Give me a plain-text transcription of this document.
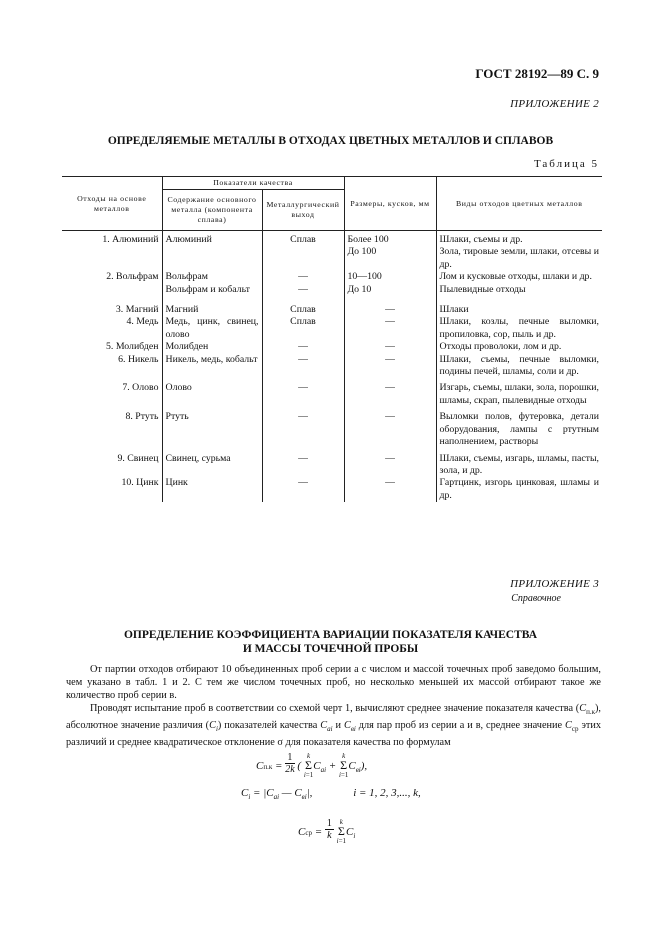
ГОСТ 28192—89 С. 9
ПРИЛОЖЕНИЕ 2
ОПРЕДЕЛЯЕМЫЕ МЕТАЛЛЫ В ОТХОДАХ ЦВЕТНЫХ МЕТАЛЛОВ И СПЛАВОВ
Таблица 5
Отходы на основе металлов	Показатели качества		Размеры, кусков, мм	Виды отходов цветных металлов
	Содержание основного металла (компонента сплава)	Металлургический выход		
1. Алюминий	Алюминий	Сплав	Более 100	Шлаки, съемы и др.
			До 100	Зола, тировые земли, шлаки, отсевы и др.
2. Вольфрам	Вольфрам	—	10—100	Лом и кусковые отходы, шлаки и др.
	Вольфрам и кобальт	—	До 10	Пылевидные отходы
3. Магний	Магний	Сплав	—	Шлаки
4. Медь	Медь, цинк, свинец, олово	Сплав	—	Шлаки, козлы, печные выломки, пропиловка, сор, пыль и др.
5. Молибден	Молибден	—	—	Отходы проволоки, лом и др.
6. Никель	Никель, медь, кобальт	—	—	Шлаки, съемы, печные выломки, подины печей, шламы, соли и др.
7. Олово	Олово	—	—	Изгарь, съемы, шлаки, зола, порошки, шламы, скрап, пылевидные отходы
8. Ртуть	Ртуть	—	—	Выломки полов, футеровка, детали оборудования, лампы с ртутным наполнением, растворы
9. Свинец	Свинец, сурьма	—	—	Шлаки, съемы, изгарь, шламы, пасты, зола, и др.
10. Цинк	Цинк	—	—	Гартцинк, изгорь цинковая, шламы и др.
ПРИЛОЖЕНИЕ 3
Справочное
ОПРЕДЕЛЕНИЕ КОЭФФИЦИЕНТА ВАРИАЦИИ ПОКАЗАТЕЛЯ КАЧЕСТВА
И МАССЫ ТОЧЕЧНОЙ ПРОБЫ
От партии отходов отбирают 10 объединенных проб серии а с числом и массой точечных проб заведомо большим, чем указано в табл. 1 и 2. С тем же числом точечных проб, но несколько меньшей их массой отбирают такое же количество проб серии в.
Проводят испытание проб в соответствии со схемой черт 1, вычисляют среднее значение показателя качества $(С_{п.к})$, абсолютное значение различия $(С_i)$ показателей качества $С_{аi}$ и $С_{вi}$ для пар проб из серии а и в, среднее значение $С_{ср}$ этих различий и среднее квадратическое отклонение σ для показателя качества по формулам
$Сп.к = \frac{1}{2k}$ ( k
Σ
$i=1С_{аi} + k$
Σ
$i=1С_{вi}$),
$С_i = |С_{аi}$ — $С_{вi}|$,	i = 1, 2, 3,..., k,
Сср = $\frac{1}{k}$ k
Σ
$i=1С_i$
